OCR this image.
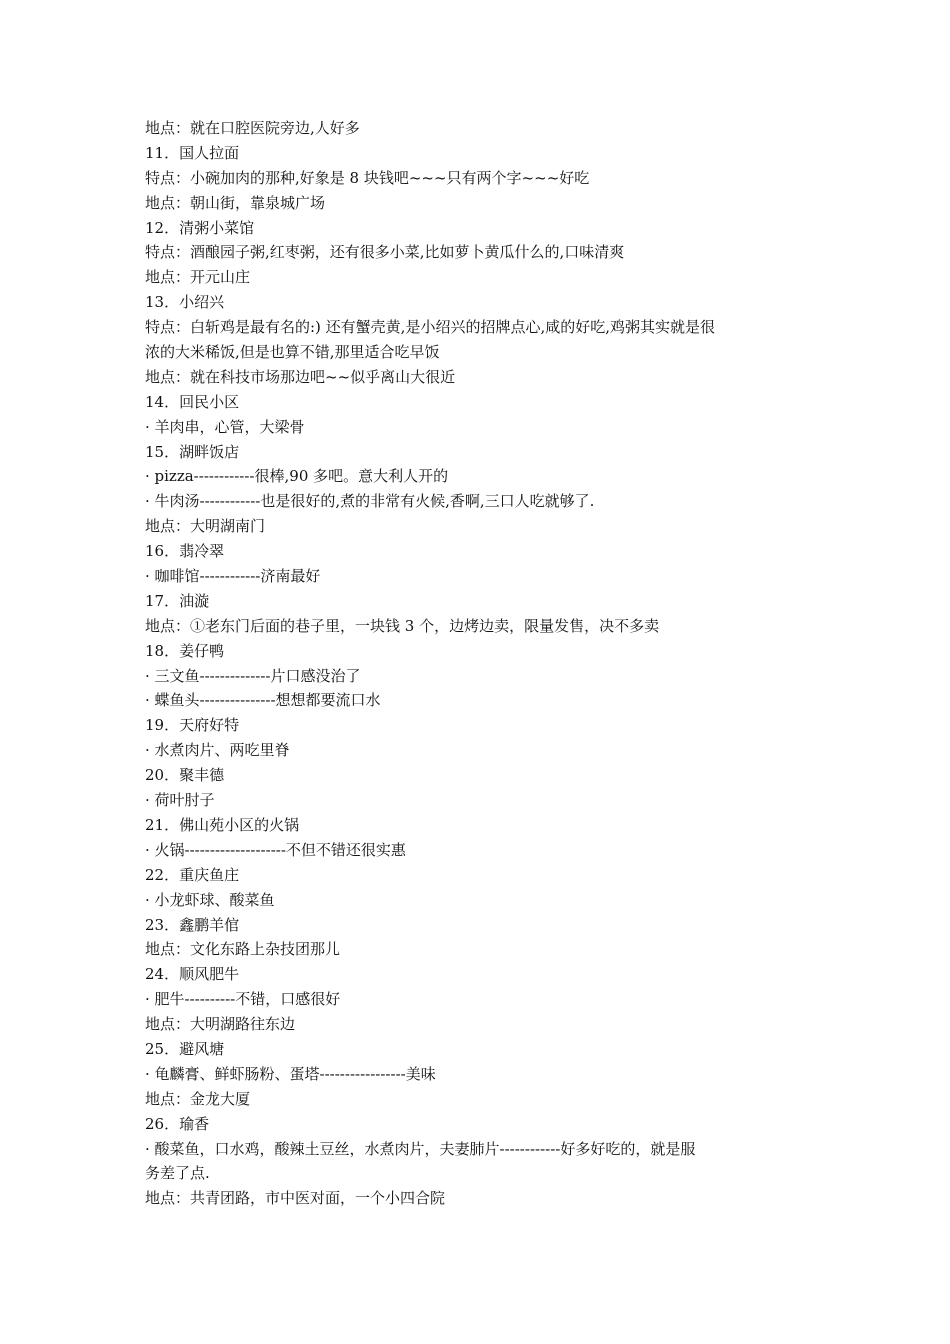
地点：就在口腔医院旁边,人好多
11．国人拉面
特点：小碗加肉的那种,好象是 8 块钱吧~~~只有两个字~~~好吃
地点：朝山街，靠泉城广场
12．清粥小菜馆
特点：酒酿园子粥,红枣粥，还有很多小菜,比如萝卜黄瓜什么的,口味清爽
地点：开元山庄
13．小绍兴
特点：白斩鸡是最有名的:) 还有蟹壳黄,是小绍兴的招牌点心,咸的好吃,鸡粥其实就是很
浓的大米稀饭,但是也算不错,那里适合吃早饭
地点：就在科技市场那边吧~~似乎离山大很近
14．回民小区
· 羊肉串，心管，大梁骨
15．湖畔饭店
· pizza------------很棒,90 多吧。意大利人开的
· 牛肉汤------------也是很好的,煮的非常有火候,香啊,三口人吃就够了.
地点：大明湖南门
16．翡冷翠
· 咖啡馆------------济南最好
17．油漩
地点：①老东门后面的巷子里，一块钱 3 个，边烤边卖，限量发售，决不多卖
18．姜仔鸭
· 三文鱼--------------片口感没治了
· 蝶鱼头---------------想想都要流口水
19．天府好特
· 水煮肉片、两吃里脊
20．聚丰德
· 荷叶肘子
21．佛山苑小区的火锅
· 火锅--------------------不但不错还很实惠
22．重庆鱼庄
· 小龙虾球、酸菜鱼
23．鑫鹏羊倌
地点：文化东路上杂技团那儿
24．顺风肥牛
· 肥牛----------不错，口感很好
地点：大明湖路往东边
25．避风塘
· 龟麟膏、鲜虾肠粉、蛋塔-----------------美味
地点：金龙大厦
26．瑜香
· 酸菜鱼，口水鸡，酸辣土豆丝，水煮肉片，夫妻肺片------------好多好吃的，就是服
务差了点.
地点：共青团路，市中医对面，一个小四合院
